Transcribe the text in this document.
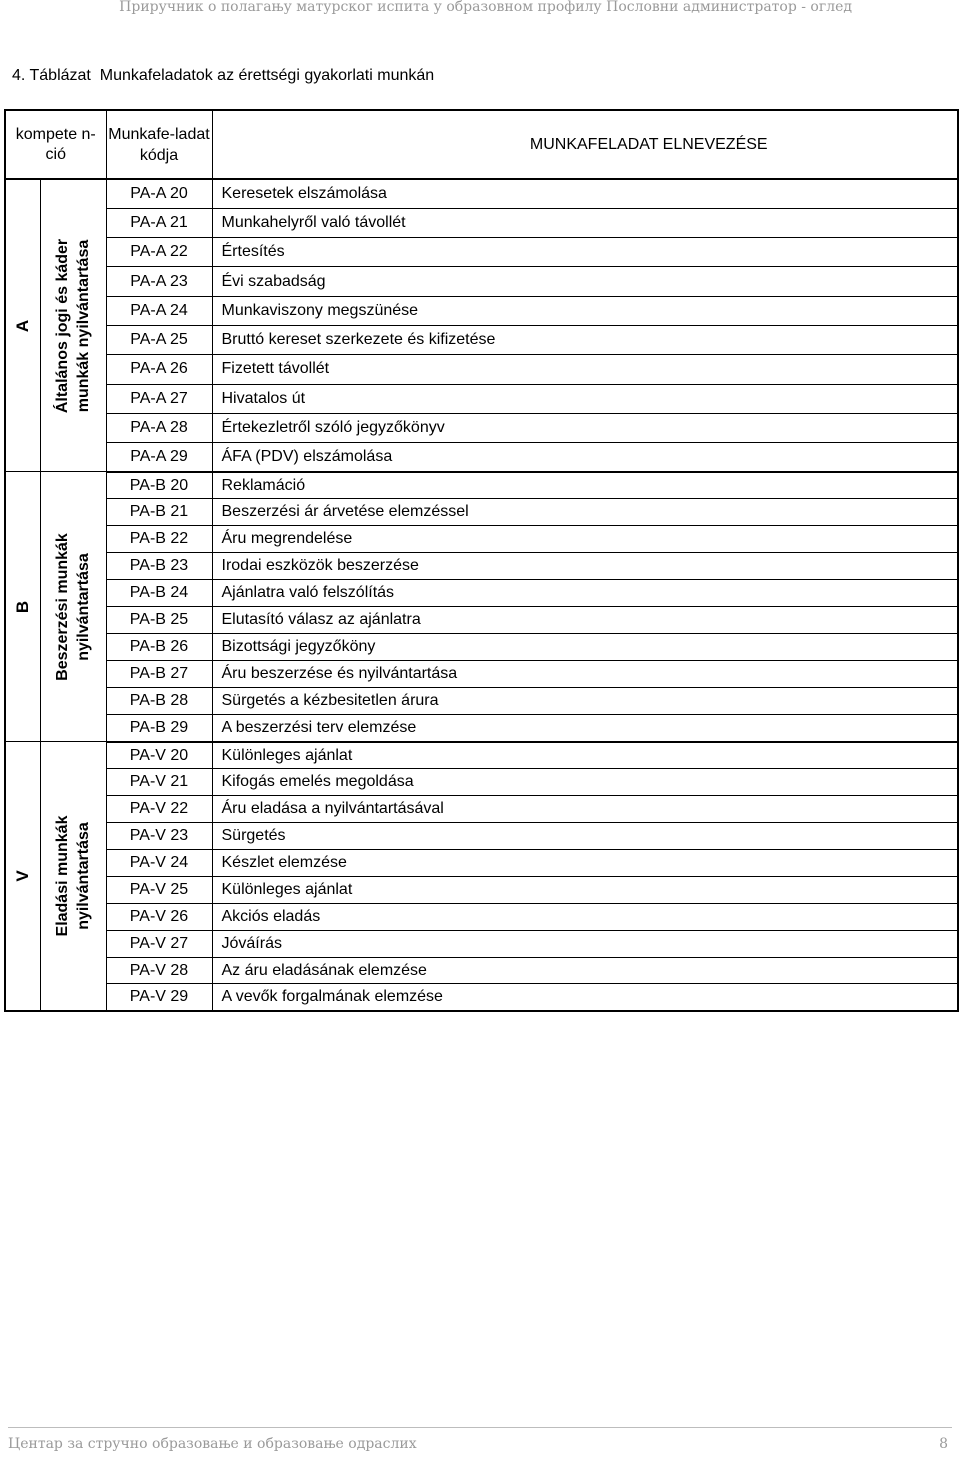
Приручник о полагању матурског испита у образовном профилу Пословни администратор - оглед
4. Táblázat  Munkafeladatok az érettségi gyakorlati munkán
kompete n-ció		Munkafe-ladat kódja	MUNKAFELADAT ELNEVEZÉSE

A	Általános jogi és káder munkák nyilvántartása	PA-A 20	Keresetek elszámolása
		PA-A 21	Munkahelyről való távollét
		PA-A 22	Értesítés
		PA-A 23	Évi szabadság
		PA-A 24	Munkaviszony megszünése
		PA-A 25	Bruttó kereset szerkezete és kifizetése
		PA-A 26	Fizetett távollét
		PA-A 27	Hivatalos út
		PA-A 28	Értekezletről szóló jegyzőkönyv
		PA-A 29	ÁFA (PDV) elszámolása

B	Beszerzési munkák nyilvántartása	PA-B 20	Reklamáció
		PA-B 21	Beszerzési ár árvetése elemzéssel
		PA-B 22	Áru megrendelése
		PA-B 23	Irodai eszközök beszerzése
		PA-B 24	Ajánlatra való felszólítás
		PA-B 25	Elutasító válasz az ajánlatra
		PA-B 26	Bizottsági jegyzőköny
		PA-B 27	Áru beszerzése és nyilvántartása
		PA-B 28	Sürgetés a kézbesitetlen árura
		PA-B 29	A beszerzési terv elemzése

V	Eladási munkák nyilvántartása	PA-V 20	Különleges ajánlat
		PA-V 21	Kifogás emelés megoldása
		PA-V 22	Áru eladása a nyilvántartásával
		PA-V 23	Sürgetés
		PA-V 24	Készlet elemzése
		PA-V 25	Különleges ajánlat
		PA-V 26	Akciós eladás
		PA-V 27	Jóváírás
		PA-V 28	Az áru eladásának elemzése
		PA-V 29	A vevők forgalmának elemzése
Центар за стручно образовање и образовање одраслих	8
